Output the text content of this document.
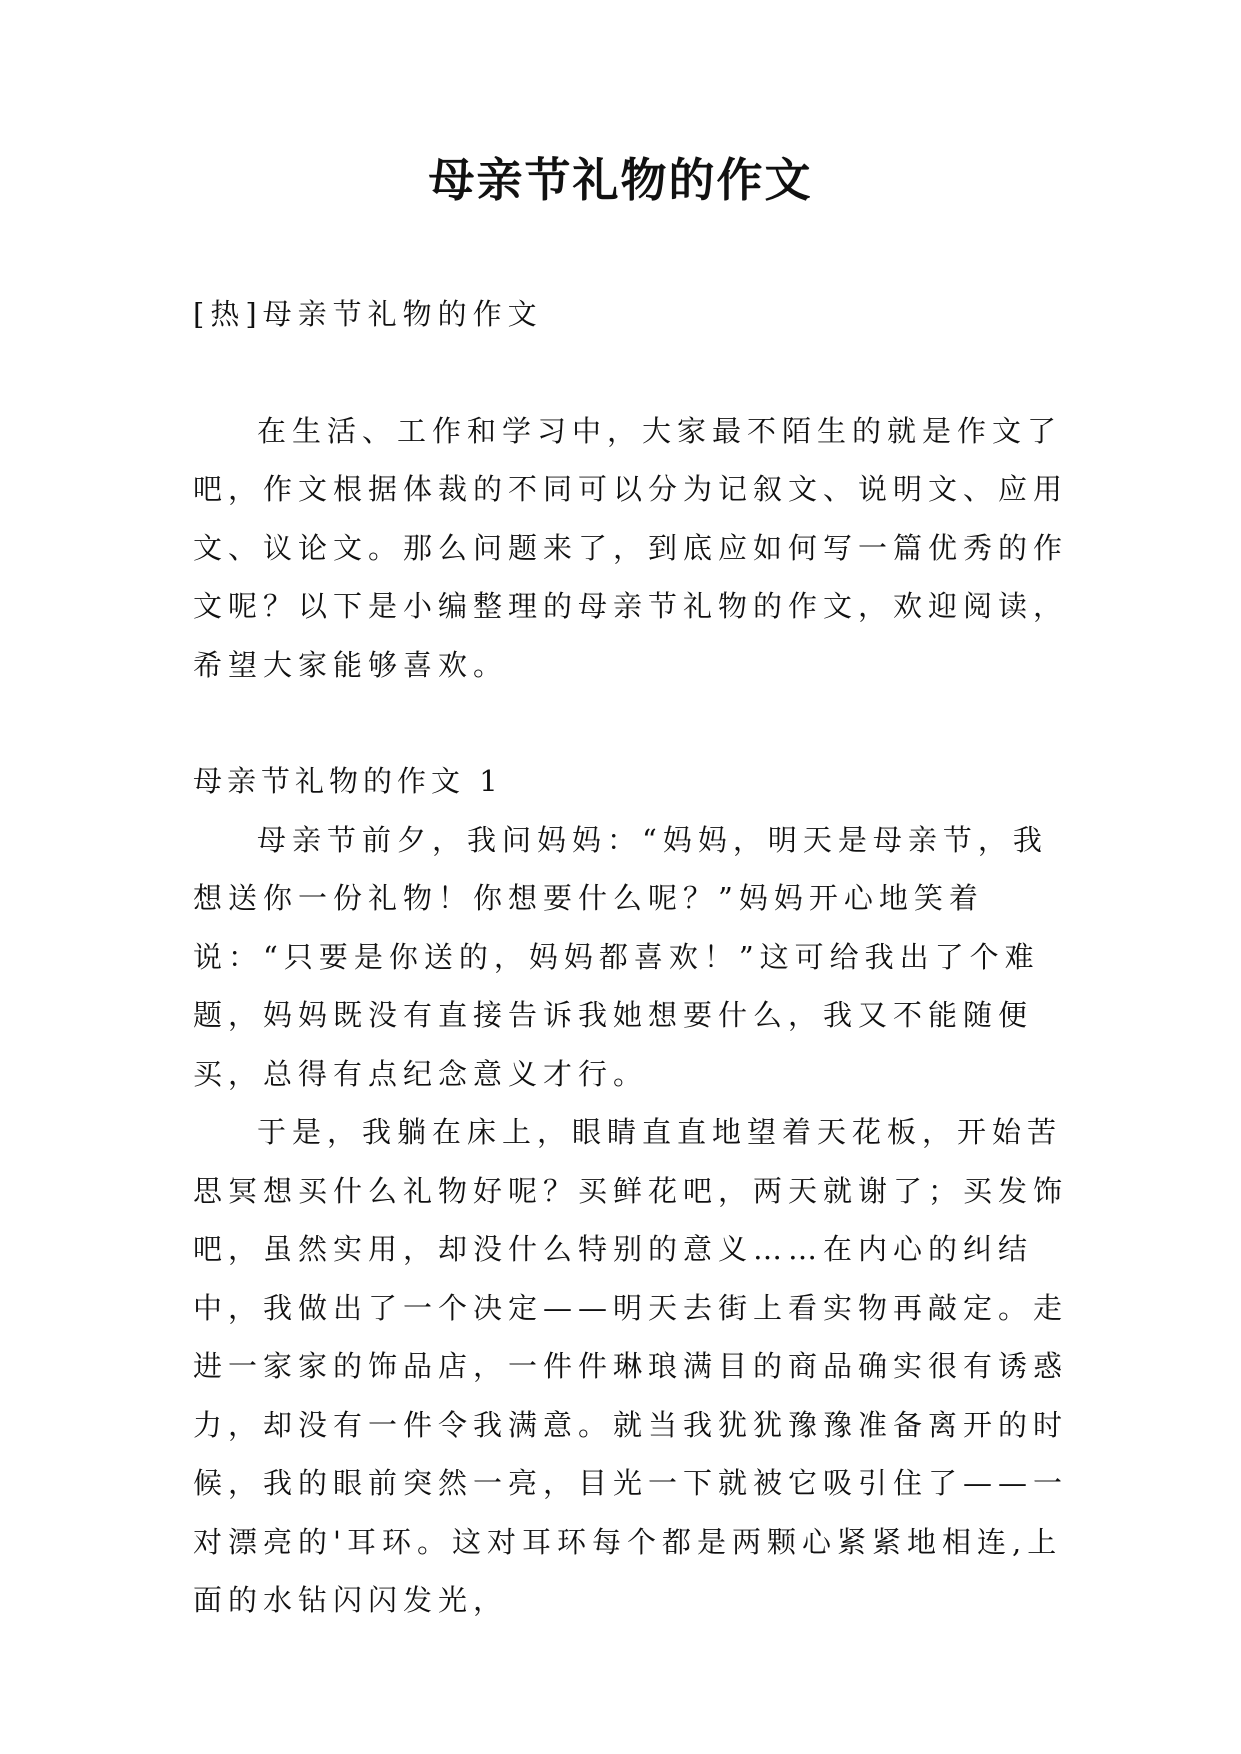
母亲节礼物的作文

[热]母亲节礼物的作文

在生活、工作和学习中，大家最不陌生的就是作文了吧，作文根据体裁的不同可以分为记叙文、说明文、应用文、议论文。那么问题来了，到底应如何写一篇优秀的作文呢？以下是小编整理的母亲节礼物的作文，欢迎阅读，希望大家能够喜欢。

母亲节礼物的作文 1

母亲节前夕，我问妈妈：“妈妈，明天是母亲节，我想送你一份礼物！你想要什么呢？”妈妈开心地笑着说：“只要是你送的，妈妈都喜欢！”这可给我出了个难题，妈妈既没有直接告诉我她想要什么，我又不能随便买，总得有点纪念意义才行。

于是，我躺在床上，眼睛直直地望着天花板，开始苦思冥想买什么礼物好呢？买鲜花吧，两天就谢了；买发饰吧，虽然实用，却没什么特别的意义……在内心的纠结中，我做出了一个决定——明天去街上看实物再敲定。走进一家家的饰品店，一件件琳琅满目的商品确实很有诱惑力，却没有一件令我满意。就当我犹犹豫豫准备离开的时候，我的眼前突然一亮，目光一下就被它吸引住了——一对漂亮的'耳环。这对耳环每个都是两颗心紧紧地相连,上面的水钻闪闪发光，
